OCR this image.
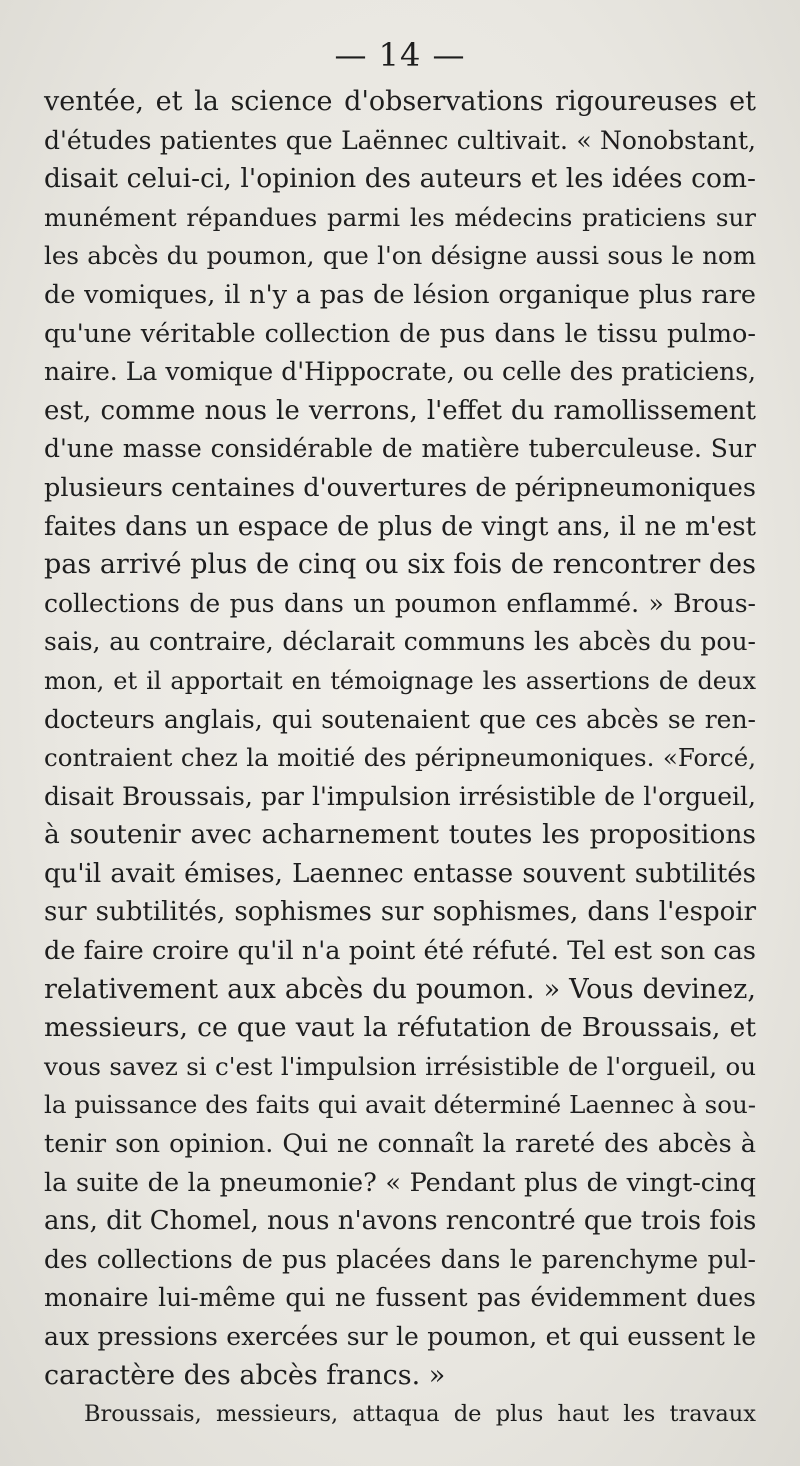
— 14 —
ventée, et la science d'observations rigoureuses et
d'études patientes que Laënnec cultivait. « Nonobstant,
disait celui-ci, l'opinion des auteurs et les idées com-
munément répandues parmi les médecins praticiens sur
les abcès du poumon, que l'on désigne aussi sous le nom
de vomiques, il n'y a pas de lésion organique plus rare
qu'une véritable collection de pus dans le tissu pulmo-
naire. La vomique d'Hippocrate, ou celle des praticiens,
est, comme nous le verrons, l'effet du ramollissement
d'une masse considérable de matière tuberculeuse. Sur
plusieurs centaines d'ouvertures de péripneumoniques
faites dans un espace de plus de vingt ans, il ne m'est
pas arrivé plus de cinq ou six fois de rencontrer des
collections de pus dans un poumon enflammé. » Brous-
sais, au contraire, déclarait communs les abcès du pou-
mon, et il apportait en témoignage les assertions de deux
docteurs anglais, qui soutenaient que ces abcès se ren-
contraient chez la moitié des péripneumoniques. «Forcé,
disait Broussais, par l'impulsion irrésistible de l'orgueil,
à soutenir avec acharnement toutes les propositions
qu'il avait émises, Laennec entasse souvent subtilités
sur subtilités, sophismes sur sophismes, dans l'espoir
de faire croire qu'il n'a point été réfuté. Tel est son cas
relativement aux abcès du poumon. » Vous devinez,
messieurs, ce que vaut la réfutation de Broussais, et
vous savez si c'est l'impulsion irrésistible de l'orgueil, ou
la puissance des faits qui avait déterminé Laennec à sou-
tenir son opinion. Qui ne connaît la rareté des abcès à
la suite de la pneumonie? « Pendant plus de vingt-cinq
ans, dit Chomel, nous n'avons rencontré que trois fois
des collections de pus placées dans le parenchyme pul-
monaire lui-même qui ne fussent pas évidemment dues
aux pressions exercées sur le poumon, et qui eussent le
caractère des abcès francs. »
Broussais, messieurs, attaqua de plus haut les travaux
